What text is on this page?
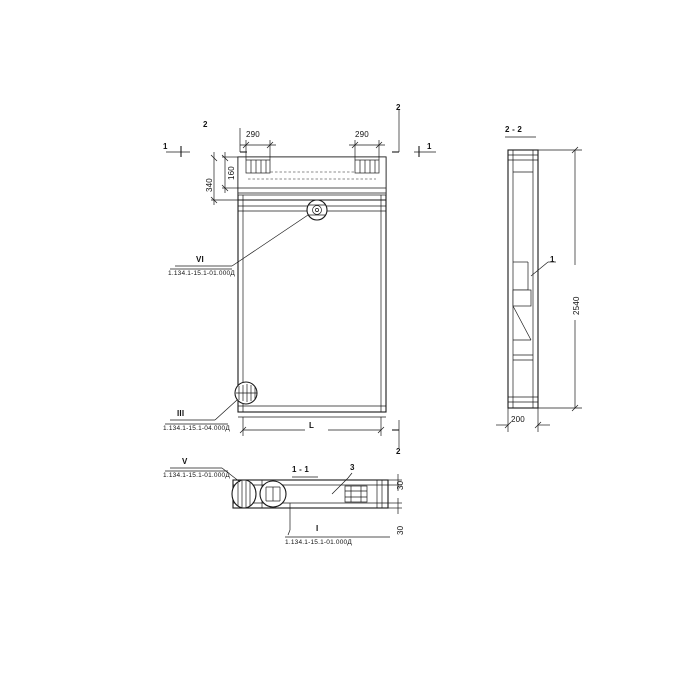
2
2
1	1
2
290	290
160
340
L
VI
1.134.1-15.1-01.000Д
III
1.134.1-15.1-04.000Д
V
1.134.1-15.1-01.000Д
I
1.134.1-15.1-01.000Д
2 - 2
1
2540
200
1 - 1	3
30
30
